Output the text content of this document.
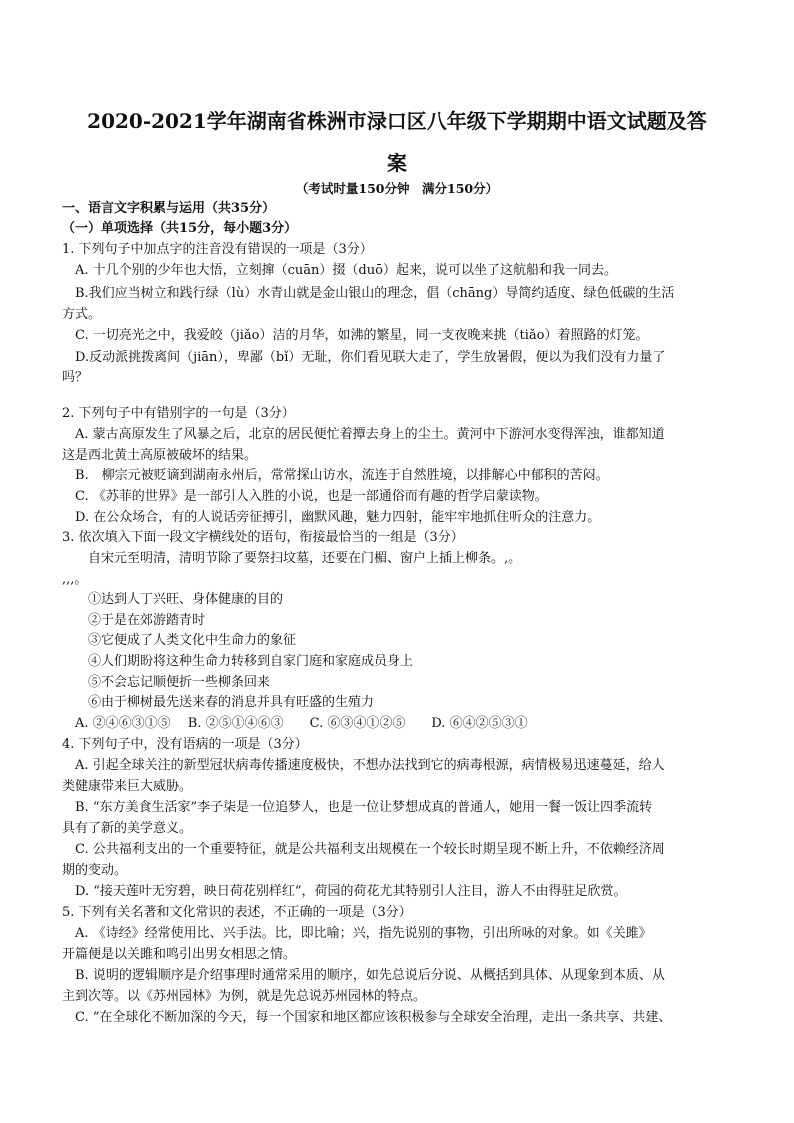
2020-2021学年湖南省株洲市渌口区八年级下学期期中语文试题及答
案
（考试时量150分钟　满分150分）
一、语言文字积累与运用（共35分）
（一）单项选择（共15分，每小题3分）
1. 下列句子中加点字的注音没有错误的一项是（3分）
　A. 十几个别的少年也大悟，立刻撺（cuān）掇（duō）起来，说可以坐了这航船和我一同去。
　B.我们应当树立和践行绿（lù）水青山就是金山银山的理念，倡（chāng）导简约适度、绿色低碳的生活
方式。
　C. 一切亮光之中，我爱皎（jiǎo）洁的月华，如沸的繁星，同一支夜晚来挑（tiǎo）着照路的灯笼。
　D.反动派挑拨离间（jiān），卑鄙（bǐ）无耻，你们看见联大走了，学生放暑假，便以为我们没有力量了
吗？
2. 下列句子中有错别字的一句是（3分）
　A. 蒙古高原发生了风暴之后，北京的居民便忙着撢去身上的尘土。黄河中下游河水变得浑浊，谁都知道
这是西北黄土高原被破坏的结果。
　B.　柳宗元被贬谪到湖南永州后，常常探山访水，流连于自然胜境，以排解心中郁积的苦闷。
　C. 《苏菲的世界》是一部引人入胜的小说，也是一部通俗而有趣的哲学启蒙读物。
　D. 在公众场合，有的人说话旁征搏引，幽默风趣，魅力四射，能牢牢地抓住听众的注意力。
3. 依次填入下面一段文字横线处的语句，衔接最恰当的一组是（3分）
　　自宋元至明清，清明节除了要祭扫坟墓，还要在门楣、窗户上插上柳条。,。
,,,。
　　①达到人丁兴旺、身体健康的目的
　　②于是在郊游踏青时
　　③它便成了人类文化中生命力的象征
　　④人们期盼将这种生命力转移到自家门庭和家庭成员身上
　　⑤不会忘记顺便折一些柳条回来
　　⑥由于柳树最先送来春的消息并具有旺盛的生殖力
　A. ②④⑥③①⑤　 B. ②⑤①④⑥③　　C. ⑥③④①②⑤　　D. ⑥④②⑤③①
4. 下列句子中，没有语病的一项是（3分）
　A. 引起全球关注的新型冠状病毒传播速度极快，不想办法找到它的病毒根源，病情极易迅速蔓延，给人
类健康带来巨大威胁。
　B. “东方美食生活家”李子柒是一位追梦人，也是一位让梦想成真的普通人，她用一餐一饭让四季流转
具有了新的美学意义。
　C. 公共福利支出的一个重要特征，就是公共福利支出规模在一个较长时期呈现不断上升，不依赖经济周
期的变动。
　D. “接天莲叶无穷碧，映日荷花别样红”，荷园的荷花尤其特别引人注目，游人不由得驻足欣赏。
5. 下列有关名著和文化常识的表述，不正确的一项是（3分）
　A. 《诗经》经常使用比、兴手法。比，即比喻；兴，指先说别的事物，引出所咏的对象。如《关雎》
开篇便是以关雎和鸣引出男女相思之情。
　B. 说明的逻辑顺序是介绍事理时通常采用的顺序，如先总说后分说、从概括到具体、从现象到本质、从
主到次等。以《苏州园林》为例，就是先总说苏州园林的特点。
　C. “在全球化不断加深的今天，每一个国家和地区都应该积极参与全球安全治理，走出一条共享、共建、
